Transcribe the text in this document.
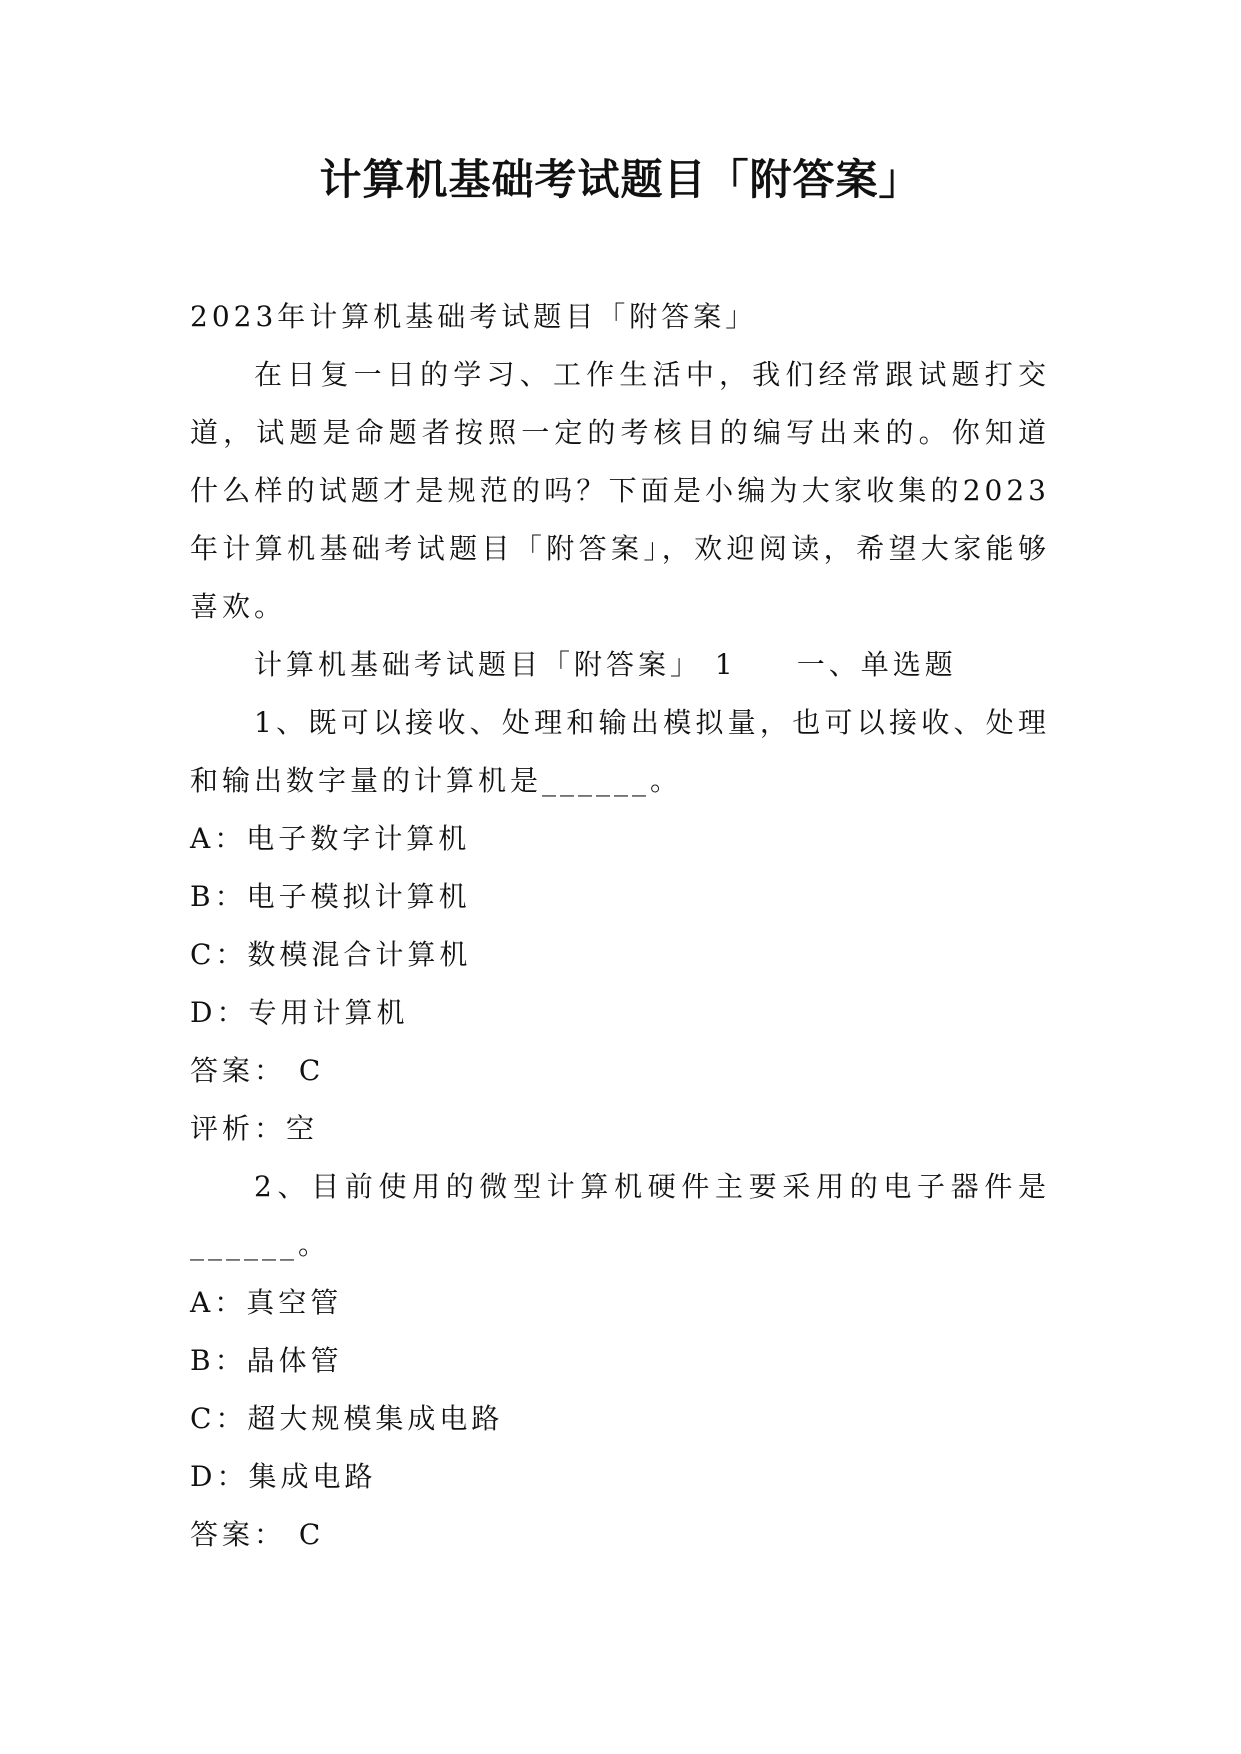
计算机基础考试题目「附答案」

2023年计算机基础考试题目「附答案」

在日复一日的学习、工作生活中，我们经常跟试题打交道，试题是命题者按照一定的考核目的编写出来的。你知道什么样的试题才是规范的吗？下面是小编为大家收集的2023年计算机基础考试题目「附答案」，欢迎阅读，希望大家能够喜欢。

计算机基础考试题目「附答案」 1 一、单选题

1、既可以接收、处理和输出模拟量，也可以接收、处理和输出数字量的计算机是______。

A：电子数字计算机

B：电子模拟计算机

C：数模混合计算机

D：专用计算机

答案： C

评析：空

2、目前使用的微型计算机硬件主要采用的电子器件是______。

A：真空管

B：晶体管

C：超大规模集成电路

D：集成电路

答案： C
